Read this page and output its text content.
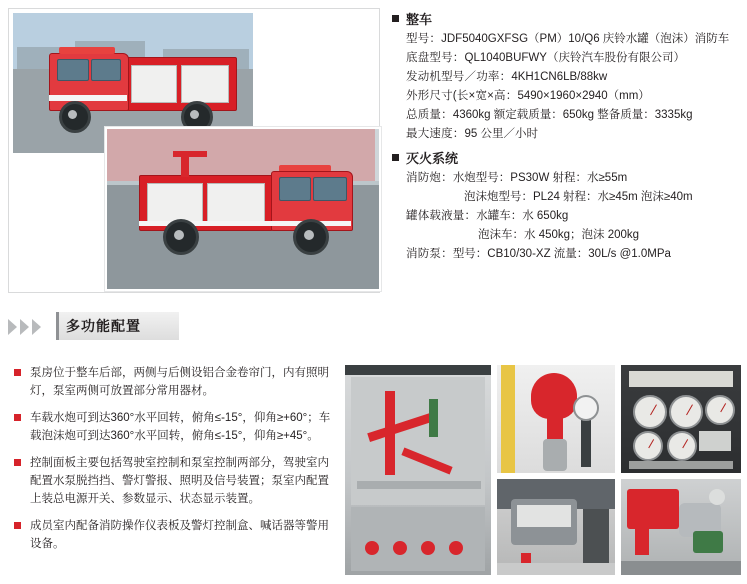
整车
型号： JDF5040GXFSG（PM）10/Q6 庆铃水罐（泡沫）消防车
底盘型号： QL1040BUFWY（庆铃汽车股份有限公司）
发动机型号／功率： 4KH1CN6LB/88kw
外形尺寸(长×宽×高： 5490×1960×2940（mm）
总质量： 4360kg 额定载质量：650kg 整备质量：3335kg
最大速度： 95 公里／小时
灭火系统
消防炮： 水炮型号：PS30W 射程：水≥55m
泡沫炮型号：PL24 射程：水≥45m 泡沫≥40m
罐体载液量： 水罐车：水 650kg
泡沫车：水 450kg；泡沫 200kg
消防泵： 型号：CB10/30-XZ 流量：30L/s @1.0MPa
多功能配置
泵房位于整车后部，两侧与后侧设铝合金卷帘门，内有照明灯，泵室两侧可放置部分常用器材。
车载水炮可到达360°水平回转，俯角≤-15°，仰角≥+60°；车载泡沫炮可到达360°水平回转，俯角≤-15°，仰角≥+45°。
控制面板主要包括驾驶室控制和泵室控制两部分，驾驶室内配置水泵脱挡挡、警灯警报、照明及信号装置；泵室内配置上装总电源开关、参数显示、状态显示装置。
成员室内配备消防操作仪表板及警灯控制盒、喊话器等警用设备。
